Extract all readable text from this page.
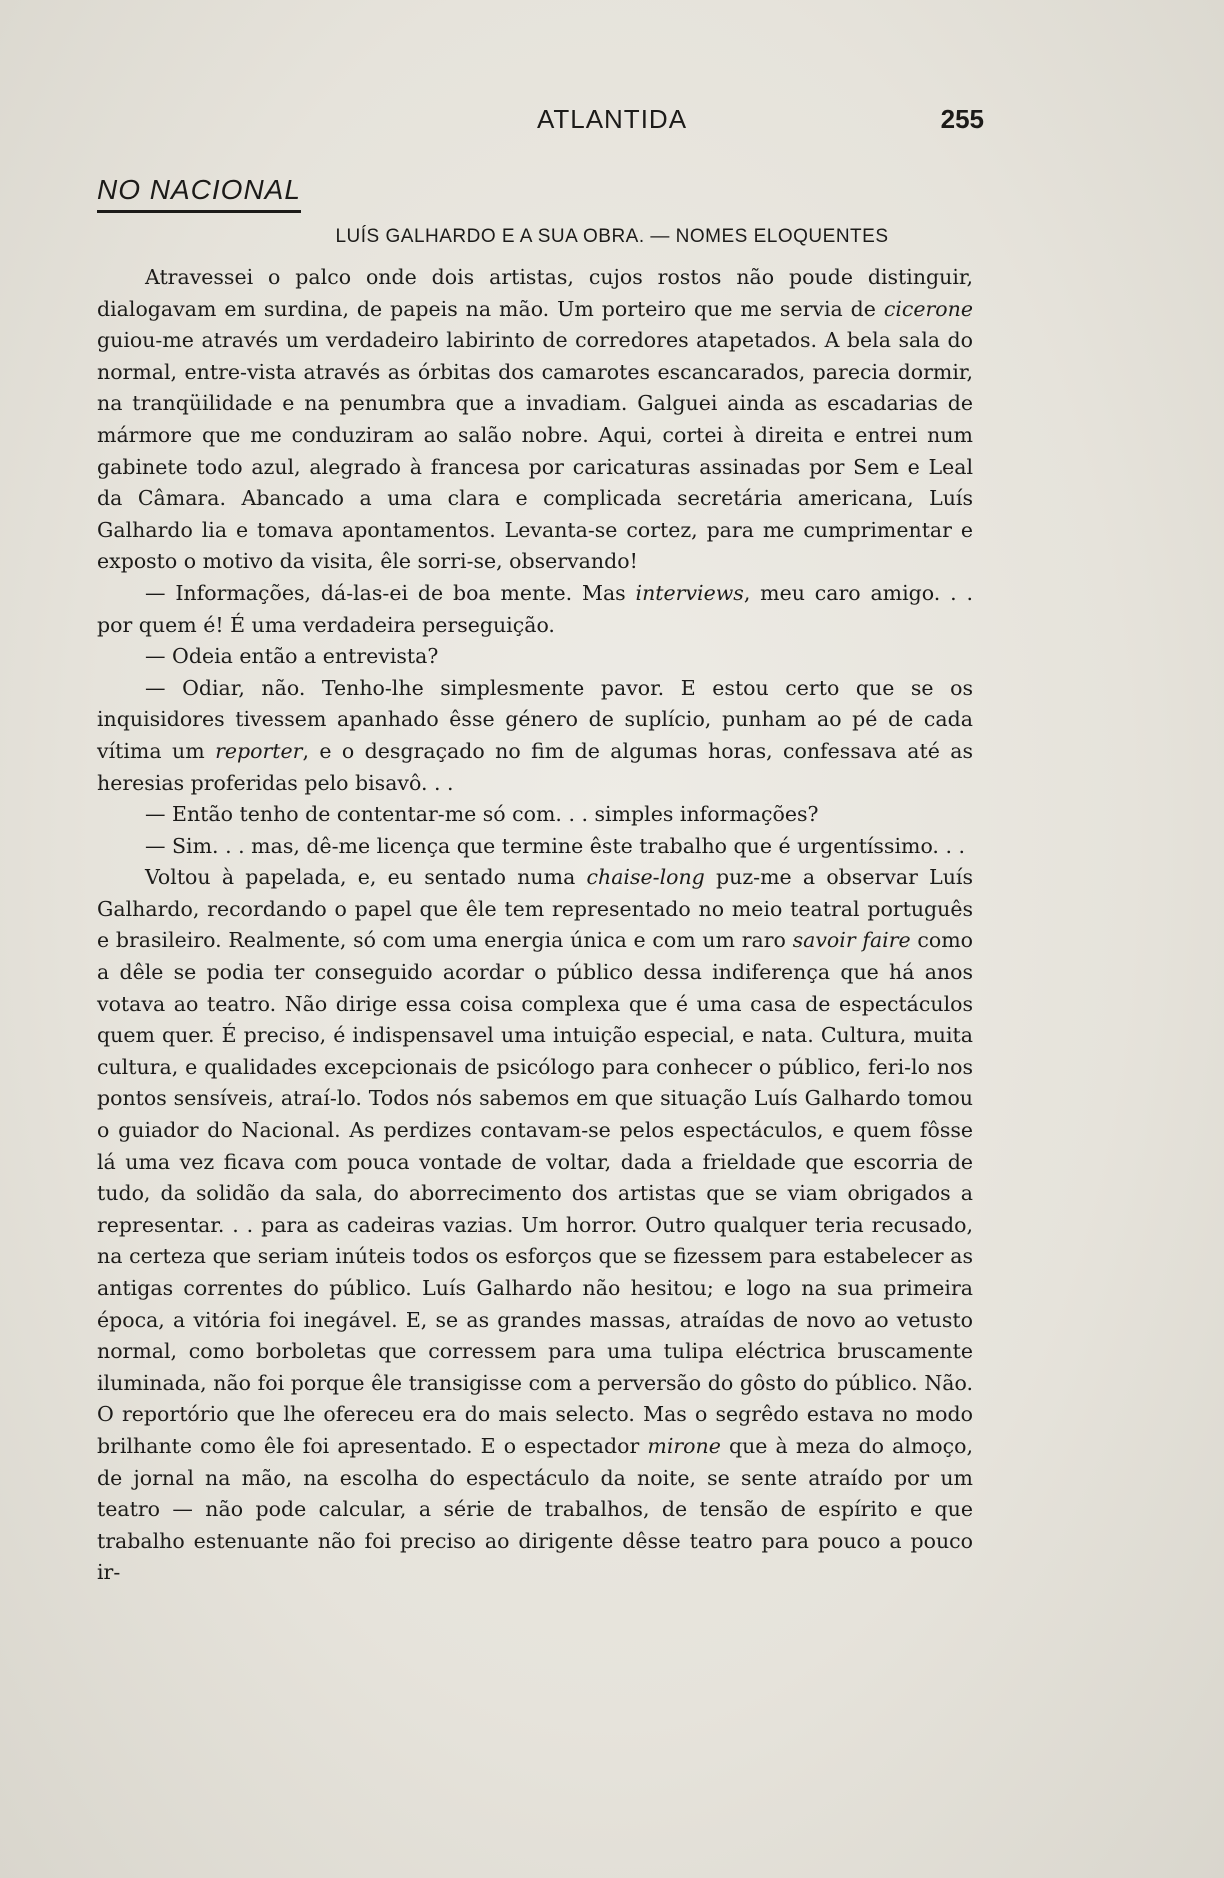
ATLANTIDA	255
NO NACIONAL
LUÍS GALHARDO E A SUA OBRA. — NOMES ELOQUENTES

Atravessei o palco onde dois artistas, cujos rostos não poude distinguir, dialogavam em surdina, de papeis na mão. Um porteiro que me servia de cicerone guiou-me através um verdadeiro labirinto de corredores atapetados. A bela sala do normal, entre-vista através as órbitas dos camarotes escancarados, parecia dormir, na tranqüilidade e na penumbra que a invadiam. Galguei ainda as escadarias de mármore que me conduziram ao salão nobre. Aqui, cortei à direita e entrei num gabinete todo azul, alegrado à francesa por caricaturas assinadas por Sem e Leal da Câmara. Abancado a uma clara e complicada secretária americana, Luís Galhardo lia e tomava apontamentos. Levanta-se cortez, para me cumprimentar e exposto o motivo da visita, êle sorri-se, observando!

— Informações, dá-las-ei de boa mente. Mas interviews, meu caro amigo. . . por quem é! É uma verdadeira perseguição.

— Odeia então a entrevista?

— Odiar, não. Tenho-lhe simplesmente pavor. E estou certo que se os inquisidores tivessem apanhado êsse género de suplício, punham ao pé de cada vítima um reporter, e o desgraçado no fim de algumas horas, confessava até as heresias proferidas pelo bisavô. . .

— Então tenho de contentar-me só com. . . simples informações?

— Sim. . . mas, dê-me licença que termine êste trabalho que é urgentíssimo. . .

Voltou à papelada, e, eu sentado numa chaise-long puz-me a observar Luís Galhardo, recordando o papel que êle tem representado no meio teatral português e brasileiro. Realmente, só com uma energia única e com um raro savoir faire como a dêle se podia ter conseguido acordar o público dessa indiferença que há anos votava ao teatro. Não dirige essa coisa complexa que é uma casa de espectáculos quem quer. É preciso, é indispensavel uma intuição especial, e nata. Cultura, muita cultura, e qualidades excepcionais de psicólogo para conhecer o público, feri-lo nos pontos sensíveis, atraí-lo. Todos nós sabemos em que situação Luís Galhardo tomou o guiador do Nacional. As perdizes contavam-se pelos espectáculos, e quem fôsse lá uma vez ficava com pouca vontade de voltar, dada a frieldade que escorria de tudo, da solidão da sala, do aborrecimento dos artistas que se viam obrigados a representar. . . para as cadeiras vazias. Um horror. Outro qualquer teria recusado, na certeza que seriam inúteis todos os esforços que se fizessem para estabelecer as antigas correntes do público. Luís Galhardo não hesitou; e logo na sua primeira época, a vitória foi inegável. E, se as grandes massas, atraídas de novo ao vetusto normal, como borboletas que corressem para uma tulipa eléctrica bruscamente iluminada, não foi porque êle transigisse com a perversão do gôsto do público. Não. O reportório que lhe ofereceu era do mais selecto. Mas o segrêdo estava no modo brilhante como êle foi apresentado. E o espectador mirone que à meza do almoço, de jornal na mão, na escolha do espectáculo da noite, se sente atraído por um teatro — não pode calcular, a série de trabalhos, de tensão de espírito e que trabalho estenuante não foi preciso ao dirigente dêsse teatro para pouco a pouco ir-
